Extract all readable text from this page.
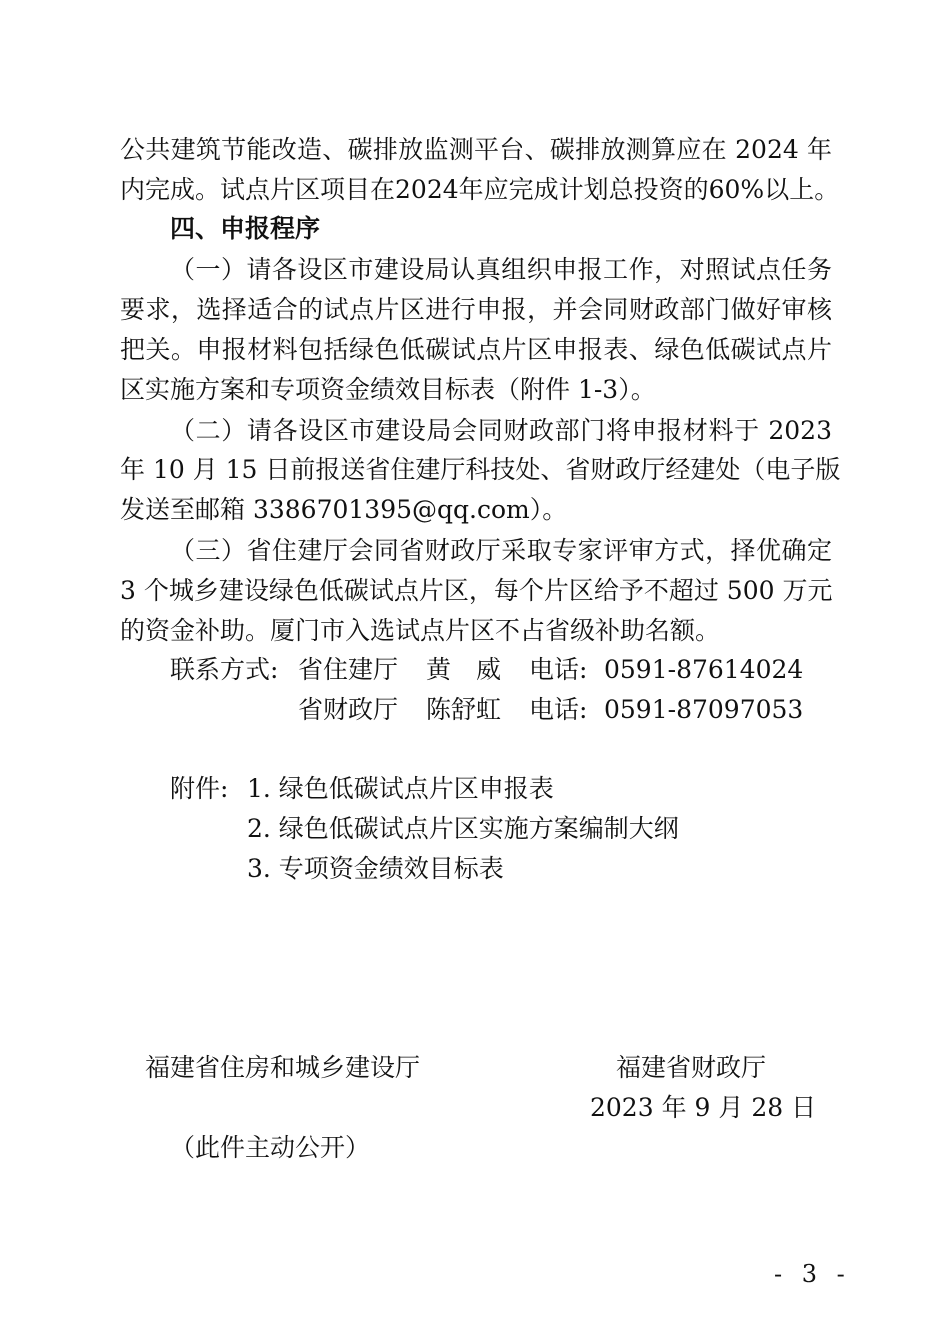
公共建筑节能改造、碳排放监测平台、碳排放测算应在 2024 年
内完成。试点片区项目在2024年应完成计划总投资的60%以上。
四、申报程序
（一）请各设区市建设局认真组织申报工作，对照试点任务
要求，选择适合的试点片区进行申报，并会同财政部门做好审核
把关。申报材料包括绿色低碳试点片区申报表、绿色低碳试点片
区实施方案和专项资金绩效目标表（附件 1-3）。
（二）请各设区市建设局会同财政部门将申报材料于 2023
年 10 月 15 日前报送省住建厅科技处、省财政厅经建处（电子版
发送至邮箱 3386701395@qq.com）。
（三）省住建厅会同省财政厅采取专家评审方式，择优确定
3 个城乡建设绿色低碳试点片区，每个片区给予不超过 500 万元
的资金补助。厦门市入选试点片区不占省级补助名额。
联系方式: 省住建厅 黄　威 电话: 0591-87614024
省财政厅 陈舒虹 电话: 0591-87097053
附件: 1. 绿色低碳试点片区申报表
2. 绿色低碳试点片区实施方案编制大纲
3. 专项资金绩效目标表
福建省住房和城乡建设厅	福建省财政厅
2023 年 9 月 28 日
（此件主动公开）
- 3 -
